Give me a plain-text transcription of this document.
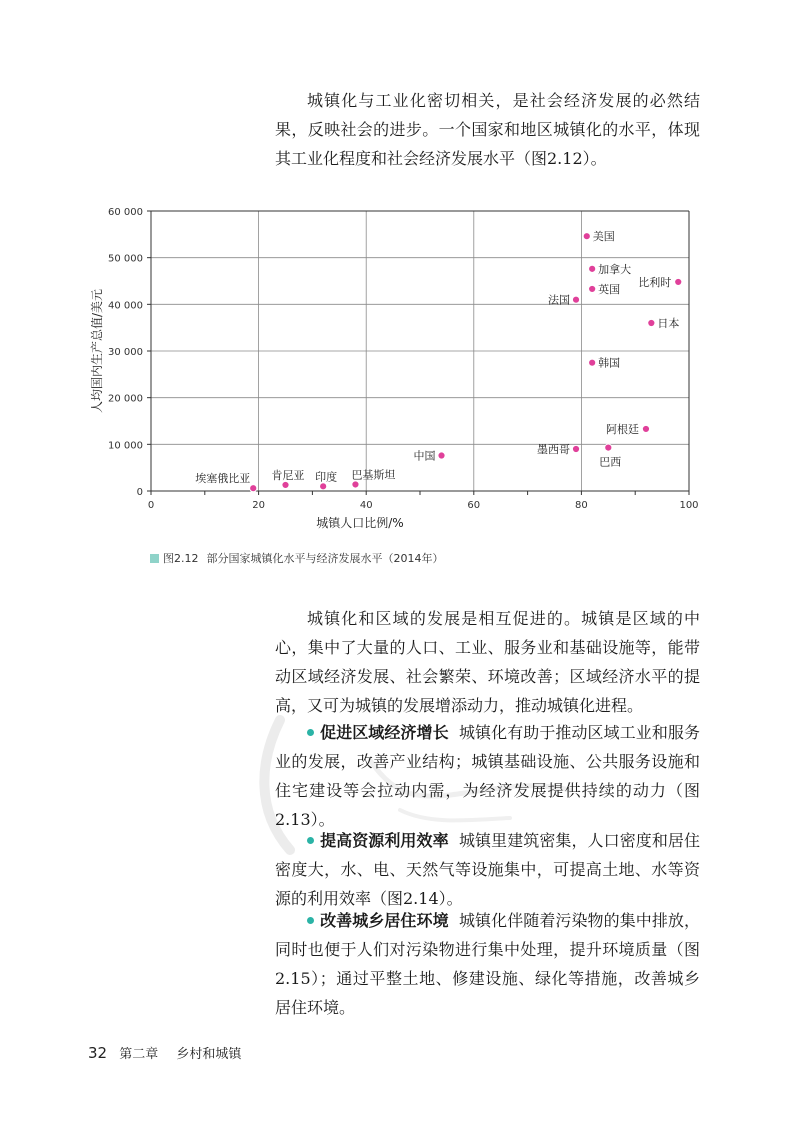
城镇化与工业化密切相关，是社会经济发展的必然结果，反映社会的进步。一个国家和地区城镇化的水平，体现其工业化程度和社会经济发展水平（图2.12）。

0
10 000
20 000
30 000
40 000
50 000
60 000
0	20	40	60	80	100
美国
加拿大
比利时
英国
法国
日本
韩国
阿根廷
巴西
墨西哥
中国
巴基斯坦
肯尼亚 印度
埃塞俄比亚
城镇人口比例/%
人均国内生产总值/美元
图2.12 部分国家城镇化水平与经济发展水平（2014年）

城镇化和区域的发展是相互促进的。城镇是区域的中心，集中了大量的人口、工业、服务业和基础设施等，能带动区域经济发展、社会繁荣、环境改善；区域经济水平的提高，又可为城镇的发展增添动力，推动城镇化进程。

促进区域经济增长 城镇化有助于推动区域工业和服务业的发展，改善产业结构；城镇基础设施、公共服务设施和住宅建设等会拉动内需，为经济发展提供持续的动力（图2.13）。

提高资源利用效率 城镇里建筑密集，人口密度和居住密度大，水、电、天然气等设施集中，可提高土地、水等资源的利用效率（图2.14）。

改善城乡居住环境 城镇化伴随着污染物的集中排放，同时也便于人们对污染物进行集中处理，提升环境质量（图2.15）；通过平整土地、修建设施、绿化等措施，改善城乡居住环境。

32 第二章 乡村和城镇
